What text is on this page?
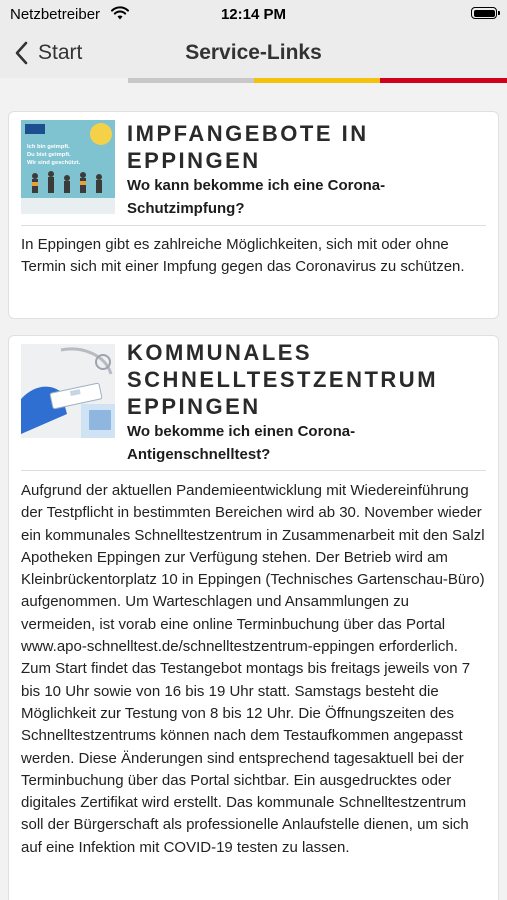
Netzbetreiber	12:14 PM
Start	Service-Links
Ich bin geimpft.
Du bist geimpft.
Wir sind geschützt.
IMPFANGEBOTE IN EPPINGEN
Wo kann bekomme ich eine Corona-Schutzimpfung?
In Eppingen gibt es zahlreiche Möglichkeiten, sich mit oder ohne Termin sich mit einer Impfung gegen das Coronavirus zu schützen.
KOMMUNALES SCHNELLTESTZENTRUM EPPINGEN
Wo bekomme ich einen Corona-Antigenschnelltest?
Aufgrund der aktuellen Pandemieentwicklung mit Wiedereinführung der Testpflicht in bestimmten Bereichen wird ab 30. November wieder ein kommunales Schnelltestzentrum in Zusammenarbeit mit den Salzl Apotheken Eppingen zur Verfügung stehen. Der Betrieb wird am Kleinbrückentorplatz 10 in Eppingen (Technisches Gartenschau-Büro) aufgenommen. Um Warteschlagen und Ansammlungen zu vermeiden, ist vorab eine online Terminbuchung über das Portal www.apo-schnelltest.de/schnelltestzentrum-eppingen erforderlich. Zum Start findet das Testangebot montags bis freitags jeweils von 7 bis 10 Uhr sowie von 16 bis 19 Uhr statt. Samstags besteht die Möglichkeit zur Testung von 8 bis 12 Uhr. Die Öffnungszeiten des Schnelltestzentrums können nach dem Testaufkommen angepasst werden. Diese Änderungen sind entsprechend tagesaktuell bei der Terminbuchung über das Portal sichtbar. Ein ausgedrucktes oder digitales Zertifikat wird erstellt. Das kommunale Schnelltestzentrum soll der Bürgerschaft als professionelle Anlaufstelle dienen, um sich auf eine Infektion mit COVID-19 testen zu lassen.
